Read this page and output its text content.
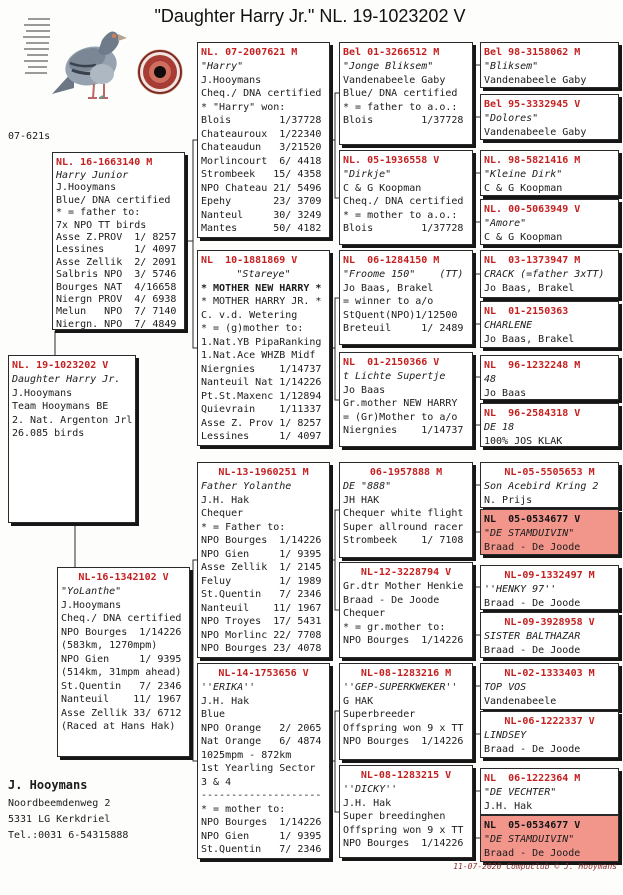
"Daughter Harry Jr." NL. 19-1023202 V
07-621s
NL. 19-1023202 V
Daughter Harry Jr.
J.Hooymans
Team Hooymans BE
2. Nat. Argenton Jrl
26.085 birds
NL. 16-1663140 M
Harry Junior
J.Hooymans
Blue/ DNA certified
* = father to:
7x NPO TT birds
Asse Z.PROV  1/ 8257
Lessines     1/ 4097
Asse Zellik  2/ 2091
Salbris NPO  3/ 5746
Bourges NAT  4/16658
Niergn PROV  4/ 6938
Melun   NPO  7/ 7140
Niergn. NPO  7/ 4849
NL-16-1342102 V
"YoLanthe"
J.Hooymans
Cheq./ DNA certified
NPO Bourges  1/14226
(583km, 1270mpm)
NPO Gien     1/ 9395
(514km, 31mpm ahead)
St.Quentin   7/ 2346
Nanteuil    11/ 1967
Asse Zellik 33/ 6712
(Raced at Hans Hak)
NL. 07-2007621 M
"Harry"
J.Hooymans
Cheq./ DNA certified
* "Harry" won:
Blois        1/37728
Chateauroux  1/22340
Chateaudun   3/21520
Morlincourt  6/ 4418
Strombeek   15/ 4358
NPO Chateau 21/ 5496
Epehy       23/ 3709
Nanteul     30/ 3249
Mantes      50/ 4182
NL  10-1881869 V
"Stareye"
* MOTHER NEW HARRY *
* MOTHER HARRY JR. *
C. v.d. Wetering
* = (g)mother to:
1.Nat.YB PipaRanking
1.Nat.Ace WHZB Midf
Niergnies    1/14737
Nanteuil Nat 1/14226
Pt.St.Maxenc 1/12894
Quievrain    1/11337
Asse Z. Prov 1/ 8257
Lessines     1/ 4097
NL-13-1960251 M
Father Yolanthe
J.H. Hak
Chequer
* = Father to:
NPO Bourges  1/14226
NPO Gien     1/ 9395
Asse Zellik  1/ 2145
Feluy        1/ 1989
St.Quentin   7/ 2346
Nanteuil    11/ 1967
NPO Troyes  17/ 5431
NPO Morlinc 22/ 7708
NPO Bourges 23/ 4078
NL-14-1753656 V
''ERIKA''
J.H. Hak
Blue
NPO Orange   2/ 2065
Nat Orange   6/ 4874
1025mpm - 872km
1st Yearling Sector
3 & 4
--------------------
* = mother to:
NPO Bourges  1/14226
NPO Gien     1/ 9395
St.Quentin   7/ 2346
Bel 01-3266512 M
"Jonge Bliksem"
Vandenabeele Gaby
Blue/ DNA certified
* = father to a.o.:
Blois        1/37728
NL. 05-1936558 V
"Dirkje"
C & G Koopman
Cheq./ DNA certified
* = mother to a.o.:
Blois        1/37728
NL  06-1284150 M
"Froome 150"    (TT)
Jo Baas, Brakel
= winner to a/o
StQuent(NPO)1/12500
Breteuil     1/ 2489
NL  01-2150366 V
t Lichte Supertje
Jo Baas
Gr.mother NEW HARRY
= (Gr)Mother to a/o
Niergnies    1/14737
06-1957888 M
DE "888"
JH HAK
Chequer white flight
Super allround racer
Strombeek    1/ 7108
NL-12-3228794 V
Gr.dtr Mother Henkie
Braad - De Joode
Chequer
* = gr.mother to:
NPO Bourges  1/14226
NL-08-1283216 M
''GEP-SUPERKWEKER''
G HAK
Superbreeder
Offspring won 9 x TT
NPO Bourges  1/14226
NL-08-1283215 V
''DICKY''
J.H. Hak
Super breedinghen
Offspring won 9 x TT
NPO Bourges  1/14226
Bel 98-3158062 M
"Bliksem"
Vandenabeele Gaby
Bel 95-3332945 V
"Dolores"
Vandenabeele Gaby
NL. 98-5821416 M
"Kleine Dirk"
C & G Koopman
NL. 00-5063949 V
"Amore"
C & G Koopman
NL  03-1373947 M
CRACK (=father 3xTT)
Jo Baas, Brakel
NL  01-2150363
CHARLENE
Jo Baas, Brakel
NL  96-1232248 M
48
Jo Baas
NL  96-2584318 V
DE 18
100% JOS KLAK
NL-05-5505653 M
Son Acebird Kring 2
N. Prijs
NL  05-0534677 V
"DE STAMDUIVIN"
Braad - De Joode
NL-09-1332497 M
''HENKY 97''
Braad - De Joode
NL-09-3928958 V
SISTER BALTHAZAR
Braad - De Joode
NL-02-1333403 M
TOP VOS
Vandenabeele
NL-06-1222337 V
LINDSEY
Braad - De Joode
NL  06-1222364 M
"DE VECHTER"
J.H. Hak
NL  05-0534677 V
"DE STAMDUIVIN"
Braad - De Joode
J. Hooymans
Noordbeemdenweg 2
5331 LG Kerkdriel
Tel.:0031 6-54315888
11-07-2020 Compuclub © J. Hooymans
